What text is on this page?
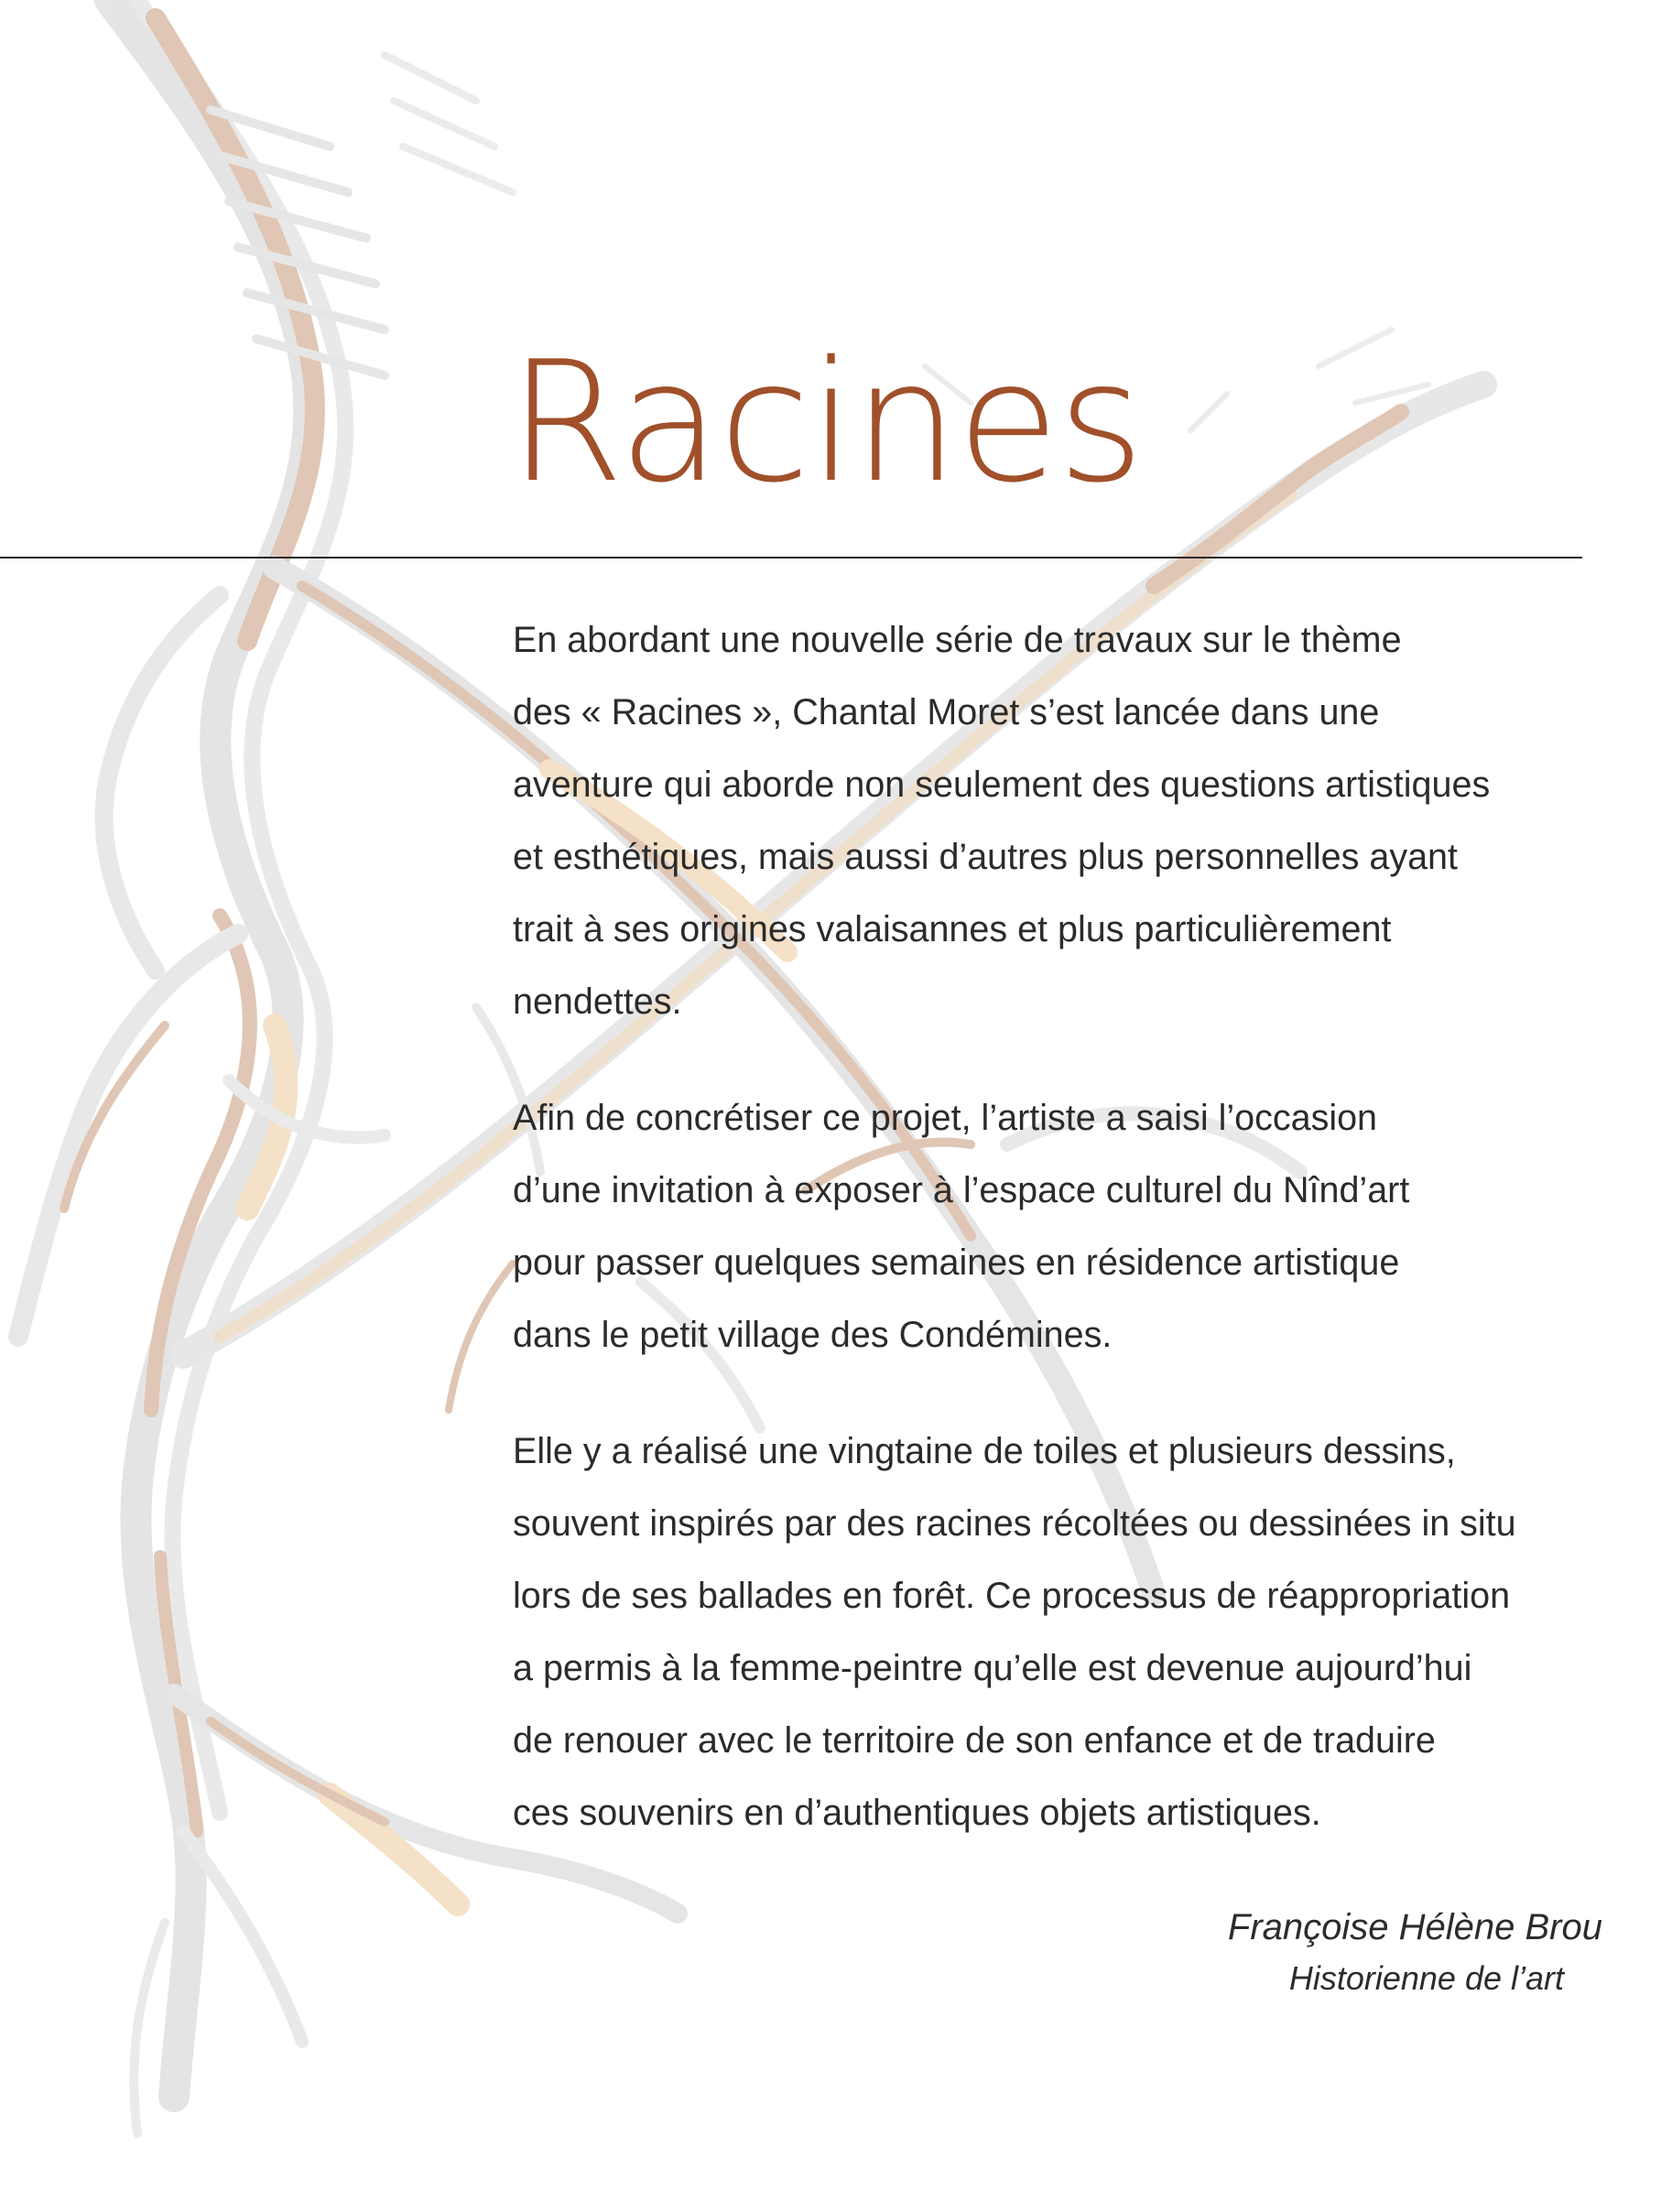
Racines

En abordant une nouvelle série de travaux sur le thème
des « Racines », Chantal Moret s’est lancée dans une
aventure qui aborde non seulement des questions artistiques
et esthétiques, mais aussi d’autres plus personnelles ayant
trait à ses origines valaisannes et plus particulièrement
nendettes.

Afin de concrétiser ce projet, l’artiste a saisi l’occasion
d’une invitation à exposer à l’espace culturel du Nînd’art
pour passer quelques semaines en résidence artistique
dans le petit village des Condémines.

Elle y a réalisé une vingtaine de toiles et plusieurs dessins,
souvent inspirés par des racines récoltées ou dessinées in situ
lors de ses ballades en forêt. Ce processus de réappropriation
a permis à la femme-peintre qu’elle est devenue aujourd’hui
de renouer avec le territoire de son enfance et de traduire
ces souvenirs en d’authentiques objets artistiques.

Françoise Hélène Brou
Historienne de l’art
